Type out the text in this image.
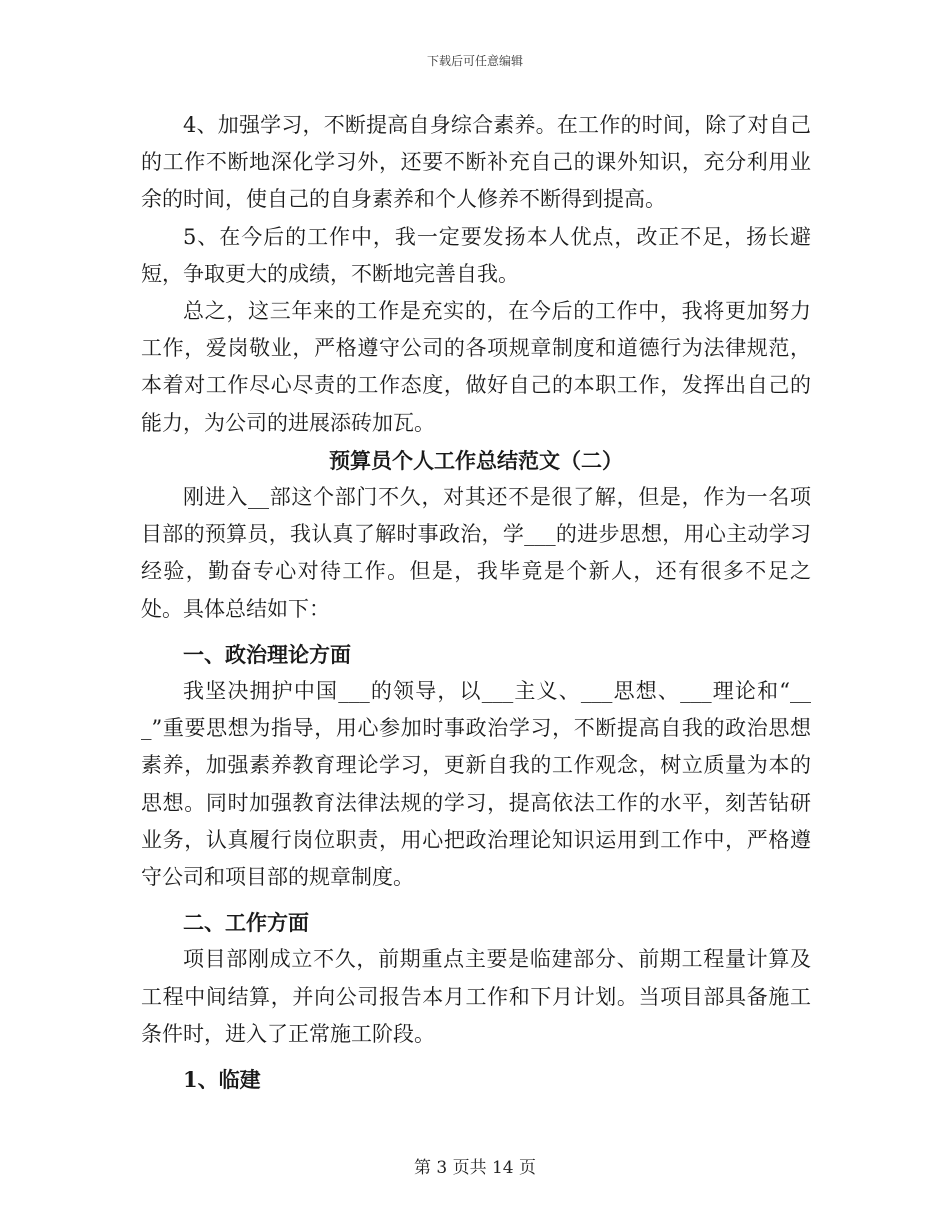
下载后可任意编辑

4、加强学习，不断提高自身综合素养。在工作的时间，除了对自己的工作不断地深化学习外，还要不断补充自己的课外知识，充分利用业余的时间，使自己的自身素养和个人修养不断得到提高。

5、在今后的工作中，我一定要发扬本人优点，改正不足，扬长避短，争取更大的成绩，不断地完善自我。

总之，这三年来的工作是充实的，在今后的工作中，我将更加努力工作，爱岗敬业，严格遵守公司的各项规章制度和道德行为法律规范，本着对工作尽心尽责的工作态度，做好自己的本职工作，发挥出自己的能力，为公司的进展添砖加瓦。

预算员个人工作总结范文（二）

刚进入__部这个部门不久，对其还不是很了解，但是，作为一名项目部的预算员，我认真了解时事政治，学___的进步思想，用心主动学习经验，勤奋专心对待工作。但是，我毕竟是个新人，还有很多不足之处。具体总结如下：

一、政治理论方面

我坚决拥护中国___的领导，以___主义、___思想、___理论和“___”重要思想为指导，用心参加时事政治学习，不断提高自我的政治思想素养，加强素养教育理论学习，更新自我的工作观念，树立质量为本的思想。同时加强教育法律法规的学习，提高依法工作的水平，刻苦钻研业务，认真履行岗位职责，用心把政治理论知识运用到工作中，严格遵守公司和项目部的规章制度。

二、工作方面

项目部刚成立不久，前期重点主要是临建部分、前期工程量计算及工程中间结算，并向公司报告本月工作和下月计划。当项目部具备施工条件时，进入了正常施工阶段。

1、临建

第 3 页共 14 页
